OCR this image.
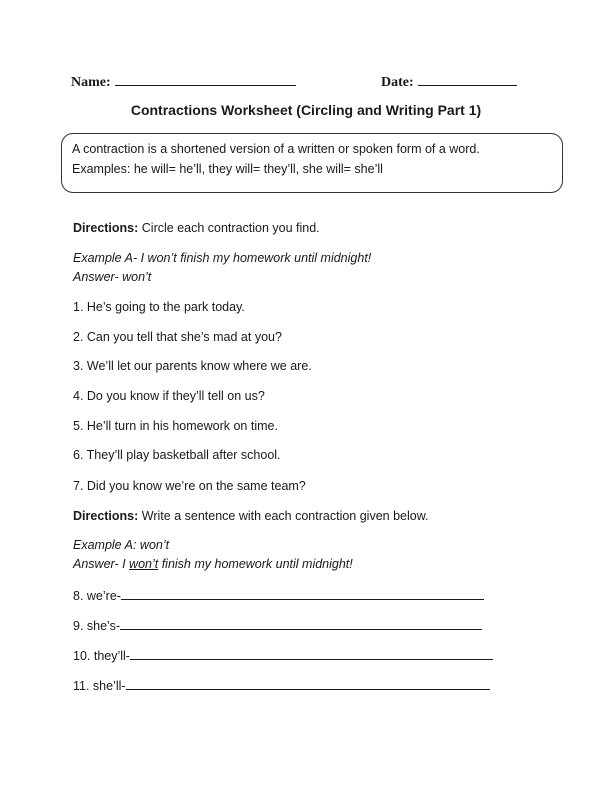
Name:	Date:
Contractions Worksheet (Circling and Writing Part 1)
A contraction is a shortened version of a written or spoken form of a word.
Examples: he will= he’ll, they will= they’ll, she will= she’ll
Directions: Circle each contraction you find.
Example A- I won’t finish my homework until midnight!
Answer- won’t
1. He’s going to the park today.
2. Can you tell that she’s mad at you?
3. We’ll let our parents know where we are.
4. Do you know if they’ll tell on us?
5. He’ll turn in his homework on time.
6. They’ll play basketball after school.
7. Did you know we’re on the same team?
Directions: Write a sentence with each contraction given below.
Example A: won’t
Answer- I won’t finish my homework until midnight!
8. we’re-
9. she’s-
10. they’ll-
11. she’ll-
